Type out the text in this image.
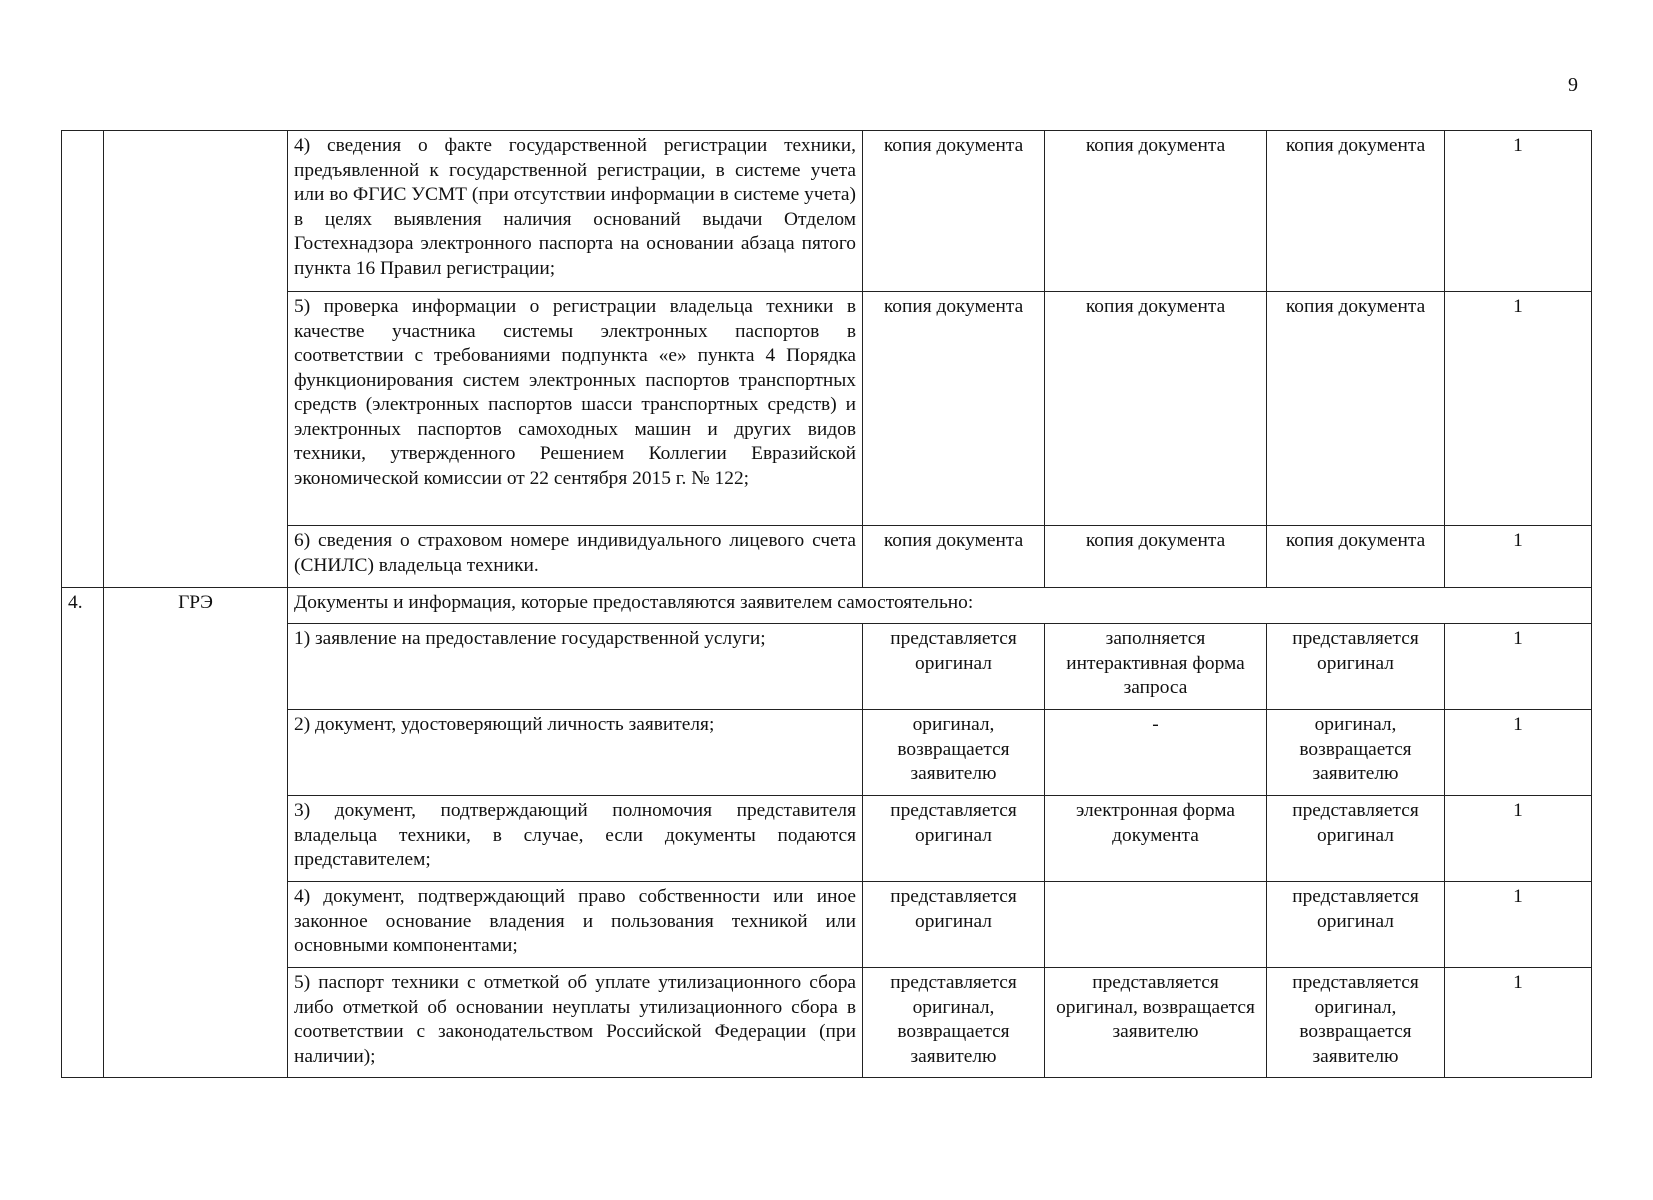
9
		4) сведения о факте государственной регистрации техники, предъявленной к государственной регистрации, в системе учета или во ФГИС УСМТ (при отсутствии информации в системе учета) в целях выявления наличия оснований выдачи Отделом Гостехнадзора электронного паспорта на основании абзаца пятого пункта 16 Правил регистрации;	копия документа	копия документа	копия документа	1
		5) проверка информации о регистрации владельца техники в качестве участника системы электронных паспортов в соответствии с требованиями подпункта «е» пункта 4 Порядка функционирования систем электронных паспортов транспортных средств (электронных паспортов шасси транспортных средств) и электронных паспортов самоходных машин и других видов техники, утвержденного Решением Коллегии Евразийской экономической комиссии от 22 сентября 2015 г. № 122;	копия документа	копия документа	копия документа	1
		6) сведения о страховом номере индивидуального лицевого счета (СНИЛС) владельца техники.	копия документа	копия документа	копия документа	1
4.	ГРЭ	Документы и информация, которые предоставляются заявителем самостоятельно:				
		1) заявление на предоставление государственной услуги;	представляется оригинал	заполняется интерактивная форма запроса	представляется оригинал	1
		2) документ, удостоверяющий личность заявителя;	оригинал, возвращается заявителю	-	оригинал, возвращается заявителю	1
		3) документ, подтверждающий полномочия представителя владельца техники, в случае, если документы подаются представителем;	представляется оригинал	электронная форма документа	представляется оригинал	1
		4) документ, подтверждающий право собственности или иное законное основание владения и пользования техникой или основными компонентами;	представляется оригинал		представляется оригинал	1
		5) паспорт техники с отметкой об уплате утилизационного сбора либо отметкой об основании неуплаты утилизационного сбора в соответствии с законодательством Российской Федерации (при наличии);	представляется оригинал, возвращается заявителю	представляется оригинал, возвращается заявителю	представляется оригинал, возвращается заявителю	1
